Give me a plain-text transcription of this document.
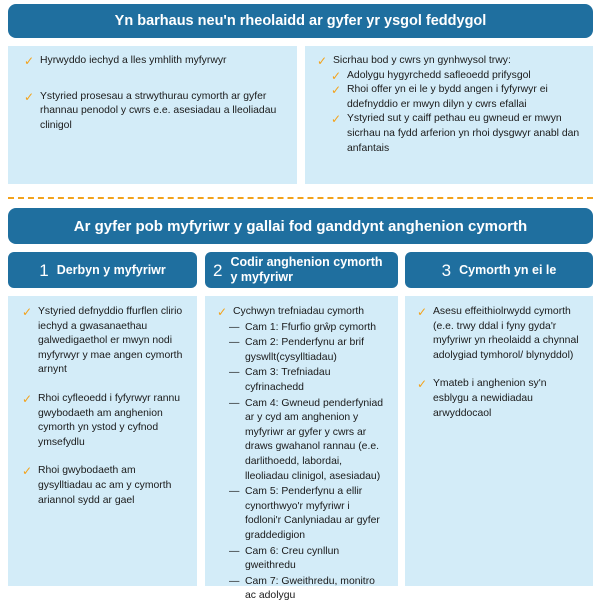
Yn barhaus neu'n rheolaidd ar gyfer yr ysgol feddygol
✓ Hyrwyddo iechyd a lles ymhlith myfyrwyr
✓ Ystyried prosesau a strwythurau cymorth ar gyfer rhannau penodol y cwrs e.e. asesiadau a lleoliadau clinigol
✓ Sicrhau bod y cwrs yn gynhwysol trwy:
✓ Adolygu hygyrchedd safleoedd prifysgol
✓ Rhoi offer yn ei le y bydd angen i fyfyrwyr ei ddefnyddio er mwyn dilyn y cwrs efallai
✓ Ystyried sut y caiff pethau eu gwneud er mwyn sicrhau na fydd arferion yn rhoi dysgwyr anabl dan anfantais
Ar gyfer pob myfyriwr y gallai fod ganddynt anghenion cymorth
1 Derbyn y myfyriwr	2 Codir anghenion cymorth y myfyriwr	3 Cymorth yn ei le
✓ Ystyried defnyddio ffurflen clirio iechyd a gwasanaethau galwedigaethol er mwyn nodi myfyrwyr y mae angen cymorth arnynt
✓ Rhoi cyfleoedd i fyfyrwyr rannu gwybodaeth am anghenion cymorth yn ystod y cyfnod ymsefydlu
✓ Rhoi gwybodaeth am gysylltiadau ac am y cymorth ariannol sydd ar gael
✓ Cychwyn trefniadau cymorth
— Cam 1: Ffurfio grŵp cymorth
— Cam 2: Penderfynu ar brif gyswllt(cysylltiadau)
— Cam 3: Trefniadau cyfrinachedd
— Cam 4: Gwneud penderfyniad ar y cyd am anghenion y myfyriwr ar gyfer y cwrs ar draws gwahanol rannau (e.e. darlithoedd, labordai, lleoliadau clinigol, asesiadau)
— Cam 5: Penderfynu a ellir cynorthwyo'r myfyriwr i fodloni'r Canlyniadau ar gyfer graddedigion
— Cam 6: Creu cynllun gweithredu
— Cam 7: Gweithredu, monitro ac adolygu
✓ Asesu effeithiolrwydd cymorth (e.e. trwy ddal i fyny gyda'r myfyriwr yn rheolaidd a chynnal adolygiad tymhorol/ blynyddol)
✓ Ymateb i anghenion sy'n esblygu a newidiadau arwyddocaol
